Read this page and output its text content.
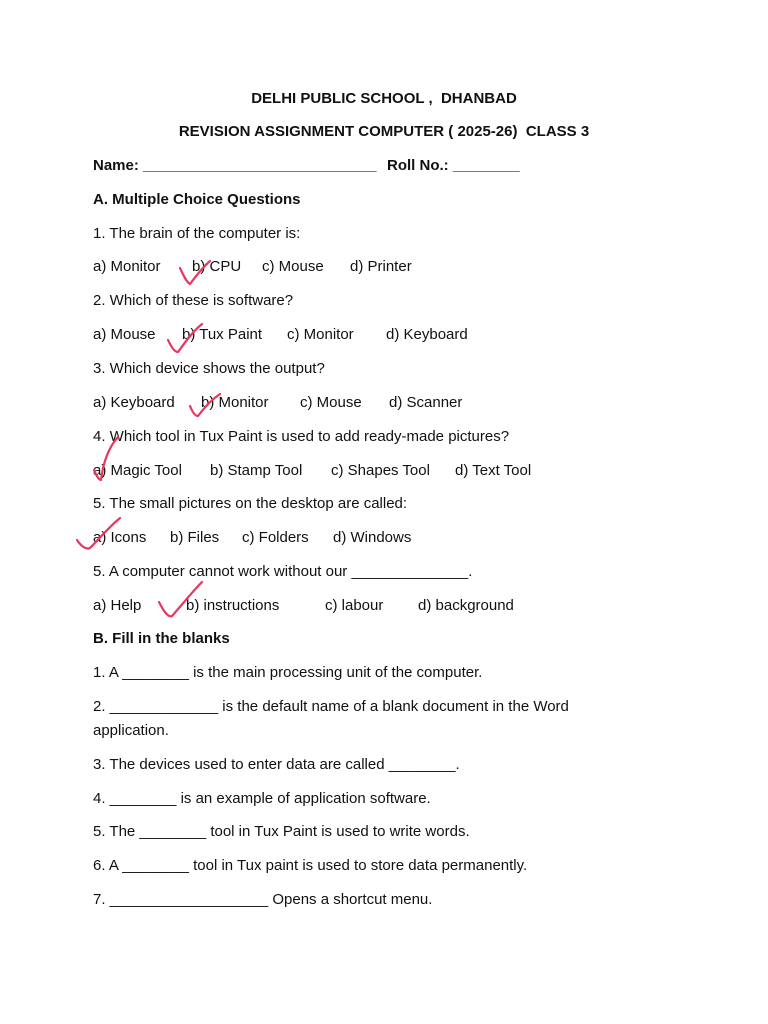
DELHI PUBLIC SCHOOL ,  DHANBAD
REVISION ASSIGNMENT COMPUTER ( 2025-26)  CLASS 3
Name: ____________________________ Roll No.: ________
A. Multiple Choice Questions
1. The brain of the computer is:
a) Monitor b) CPU c) Mouse d) Printer
2. Which of these is software?
a) Mouse b) Tux Paint c) Monitor d) Keyboard
3. Which device shows the output?
a) Keyboard b) Monitor c) Mouse d) Scanner
4. Which tool in Tux Paint is used to add ready-made pictures?
a) Magic Tool b) Stamp Tool c) Shapes Tool d) Text Tool
5. The small pictures on the desktop are called:
a) Icons b) Files c) Folders d) Windows
5. A computer cannot work without our ______________.
a) Help	b) instructions	c) labour d) background
B. Fill in the blanks
1. A ________ is the main processing unit of the computer.
2. _____________ is the default name of a blank document in the Word application.
3. The devices used to enter data are called ________.
4. ________ is an example of application software.
5. The ________ tool in Tux Paint is used to write words.
6. A ________ tool in Tux paint is used to store data permanently.
7. ___________________ Opens a shortcut menu.
